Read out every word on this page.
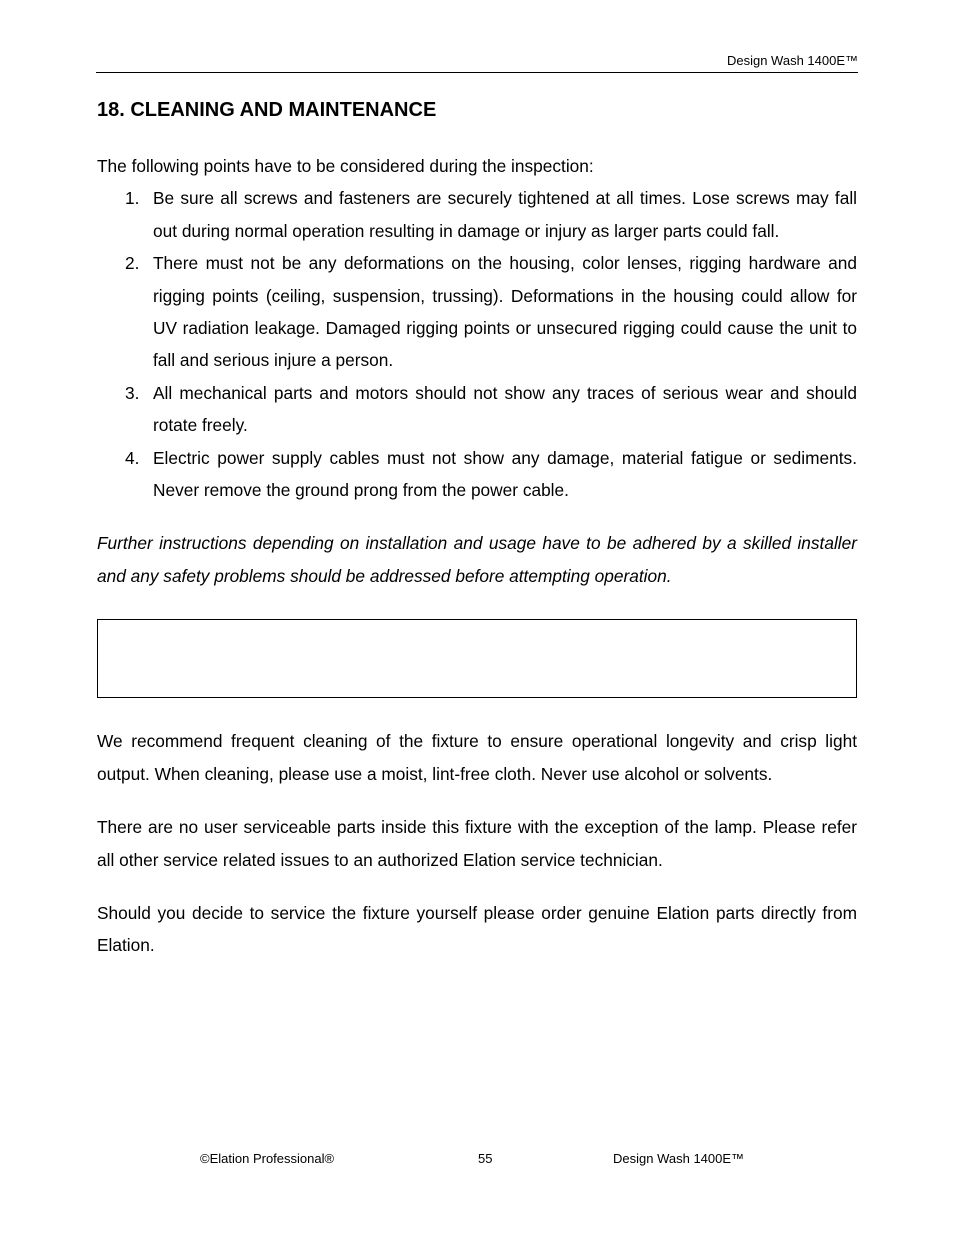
Design Wash 1400E™
18. CLEANING AND MAINTENANCE

The following points have to be considered during the inspection:

1. Be sure all screws and fasteners are securely tightened at all times. Lose screws may fall out during normal operation resulting in damage or injury as larger parts could fall.
2. There must not be any deformations on the housing, color lenses, rigging hardware and rigging points (ceiling, suspension, trussing). Deformations in the housing could allow for UV radiation leakage. Damaged rigging points or unsecured rigging could cause the unit to fall and serious injure a person.
3. All mechanical parts and motors should not show any traces of serious wear and should rotate freely.
4. Electric power supply cables must not show any damage, material fatigue or sediments. Never remove the ground prong from the power cable.

Further instructions depending on installation and usage have to be adhered by a skilled installer and any safety problems should be addressed before attempting operation.

We recommend frequent cleaning of the fixture to ensure operational longevity and crisp light output. When cleaning, please use a moist, lint-free cloth. Never use alcohol or solvents.

There are no user serviceable parts inside this fixture with the exception of the lamp. Please refer all other service related issues to an authorized Elation service technician.

Should you decide to service the fixture yourself please order genuine Elation parts directly from Elation.

©Elation Professional®	55	Design Wash 1400E™
